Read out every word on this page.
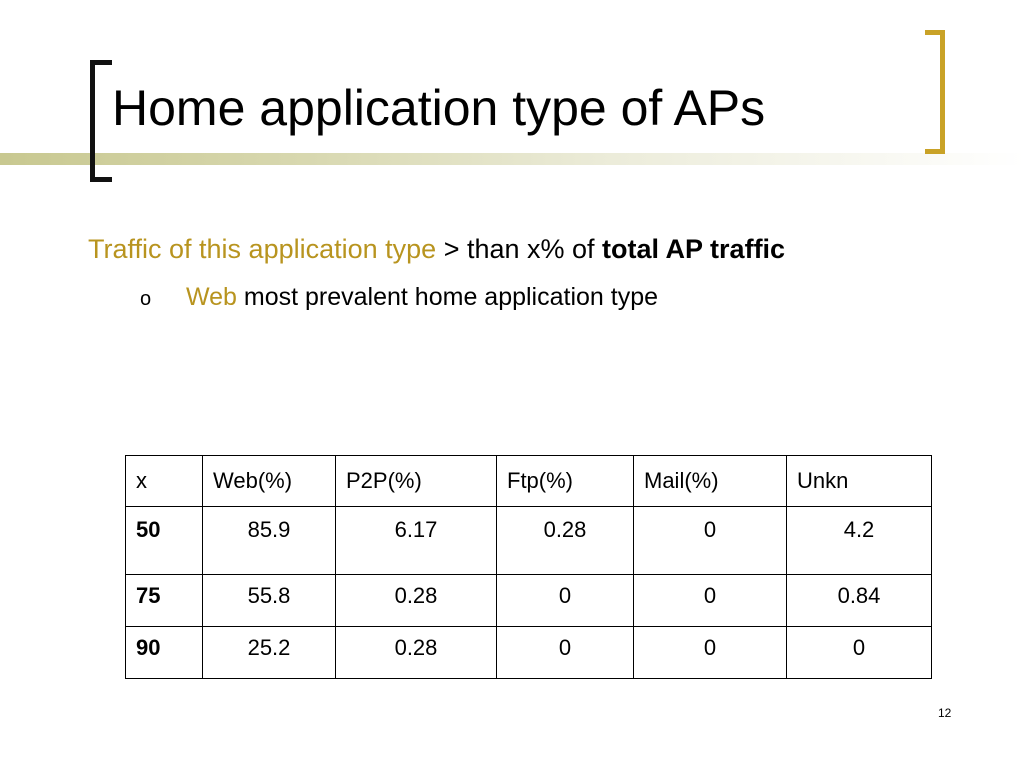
Home application type of APs
Traffic of this application type > than x% of total AP traffic
o Web most prevalent home application type
x	Web(%)	P2P(%)	Ftp(%)	Mail(%)	Unkn
50	85.9	6.17	0.28	0	4.2
75	55.8	0.28	0	0	0.84
90	25.2	0.28	0	0	0
12
